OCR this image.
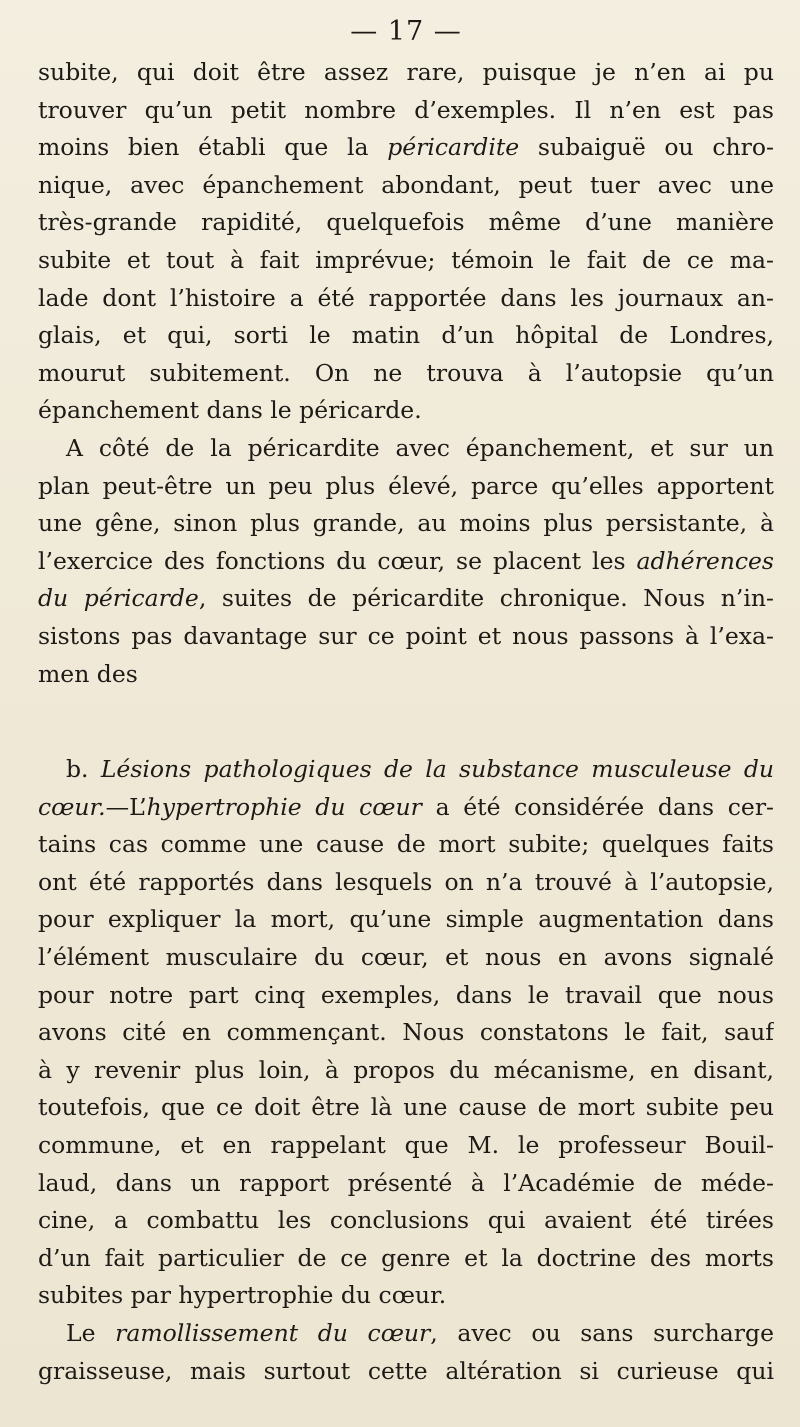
— 17 —
subite, qui doit être assez rare, puisque je n’en ai pu
trouver qu’un petit nombre d’exemples. Il n’en est pas
moins bien établi que la péricardite subaiguë ou chro-
nique, avec épanchement abondant, peut tuer avec une
très-grande rapidité, quelquefois même d’une manière
subite et tout à fait imprévue; témoin le fait de ce ma-
lade dont l’histoire a été rapportée dans les journaux an-
glais, et qui, sorti le matin d’un hôpital de Londres,
mourut subitement. On ne trouva à l’autopsie qu’un
épanchement dans le péricarde.
A côté de la péricardite avec épanchement, et sur un
plan peut-être un peu plus élevé, parce qu’elles apportent
une gêne, sinon plus grande, au moins plus persistante, à
l’exercice des fonctions du cœur, se placent les adhérences
du péricarde, suites de péricardite chronique. Nous n’in-
sistons pas davantage sur ce point et nous passons à l’exa-
men des
b. Lésions pathologiques de la substance musculeuse du
cœur.—L’hypertrophie du cœur a été considérée dans cer-
tains cas comme une cause de mort subite; quelques faits
ont été rapportés dans lesquels on n’a trouvé à l’autopsie,
pour expliquer la mort, qu’une simple augmentation dans
l’élément musculaire du cœur, et nous en avons signalé
pour notre part cinq exemples, dans le travail que nous
avons cité en commençant. Nous constatons le fait, sauf
à y revenir plus loin, à propos du mécanisme, en disant,
toutefois, que ce doit être là une cause de mort subite peu
commune, et en rappelant que M. le professeur Bouil-
laud, dans un rapport présenté à l’Académie de méde-
cine, a combattu les conclusions qui avaient été tirées
d’un fait particulier de ce genre et la doctrine des morts
subites par hypertrophie du cœur.
Le ramollissement du cœur, avec ou sans surcharge
graisseuse, mais surtout cette altération si curieuse qui
